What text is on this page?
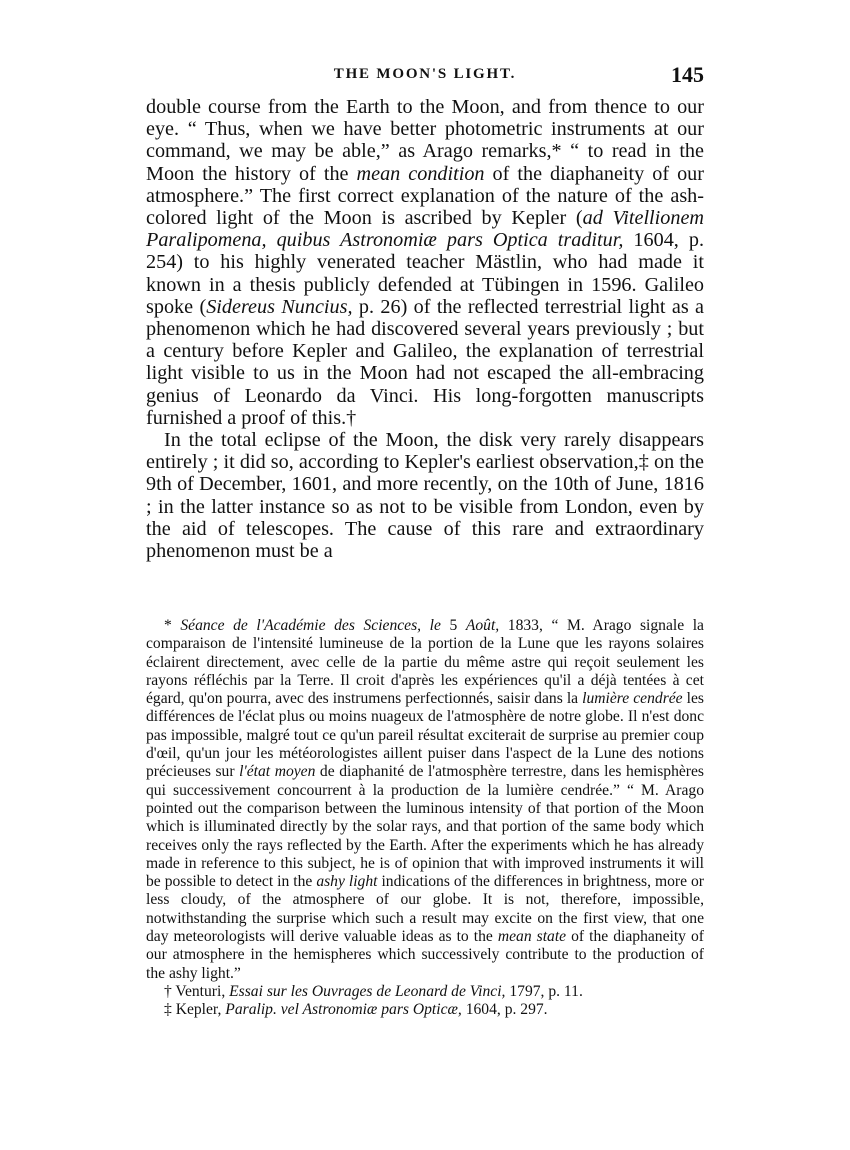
THE MOON'S LIGHT.	145

double course from the Earth to the Moon, and from thence to our eye. “ Thus, when we have better photometric instruments at our command, we may be able,” as Arago remarks,* “ to read in the Moon the history of the mean condition of the diaphaneity of our atmosphere.” The first correct explanation of the nature of the ash-colored light of the Moon is ascribed by Kepler (ad Vitellionem Paralipomena, quibus Astronomiæ pars Optica traditur, 1604, p. 254) to his highly venerated teacher Mästlin, who had made it known in a thesis publicly defended at Tübingen in 1596. Galileo spoke (Sidereus Nuncius, p. 26) of the reflected terrestrial light as a phenomenon which he had discovered several years previously ; but a century before Kepler and Galileo, the explanation of terrestrial light visible to us in the Moon had not escaped the all-embracing genius of Leonardo da Vinci. His long-forgotten manuscripts furnished a proof of this.†

In the total eclipse of the Moon, the disk very rarely disappears entirely ; it did so, according to Kepler's earliest observation,‡ on the 9th of December, 1601, and more recently, on the 10th of June, 1816 ; in the latter instance so as not to be visible from London, even by the aid of telescopes. The cause of this rare and extraordinary phenomenon must be a

* Séance de l'Académie des Sciences, le 5 Août, 1833, “ M. Arago signale la comparaison de l'intensité lumineuse de la portion de la Lune que les rayons solaires éclairent directement, avec celle de la partie du même astre qui reçoit seulement les rayons réfléchis par la Terre. Il croit d'après les expériences qu'il a déjà tentées à cet égard, qu'on pourra, avec des instrumens perfectionnés, saisir dans la lumière cendrée les différences de l'éclat plus ou moins nuageux de l'atmosphère de notre globe. Il n'est donc pas impossible, malgré tout ce qu'un pareil résultat exciterait de surprise au premier coup d'œil, qu'un jour les météorologistes aillent puiser dans l'aspect de la Lune des notions précieuses sur l'état moyen de diaphanité de l'atmosphère terrestre, dans les hemisphères qui successivement concourrent à la production de la lumière cendrée.” “ M. Arago pointed out the comparison between the luminous intensity of that portion of the Moon which is illuminated directly by the solar rays, and that portion of the same body which receives only the rays reflected by the Earth. After the experiments which he has already made in reference to this subject, he is of opinion that with improved instruments it will be possible to detect in the ashy light indications of the differences in brightness, more or less cloudy, of the atmosphere of our globe. It is not, therefore, impossible, notwithstanding the surprise which such a result may excite on the first view, that one day meteorologists will derive valuable ideas as to the mean state of the diaphaneity of our atmosphere in the hemispheres which successively contribute to the production of the ashy light.”

† Venturi, Essai sur les Ouvrages de Leonard de Vinci, 1797, p. 11.

‡ Kepler, Paralip. vel Astronomiæ pars Opticæ, 1604, p. 297.
